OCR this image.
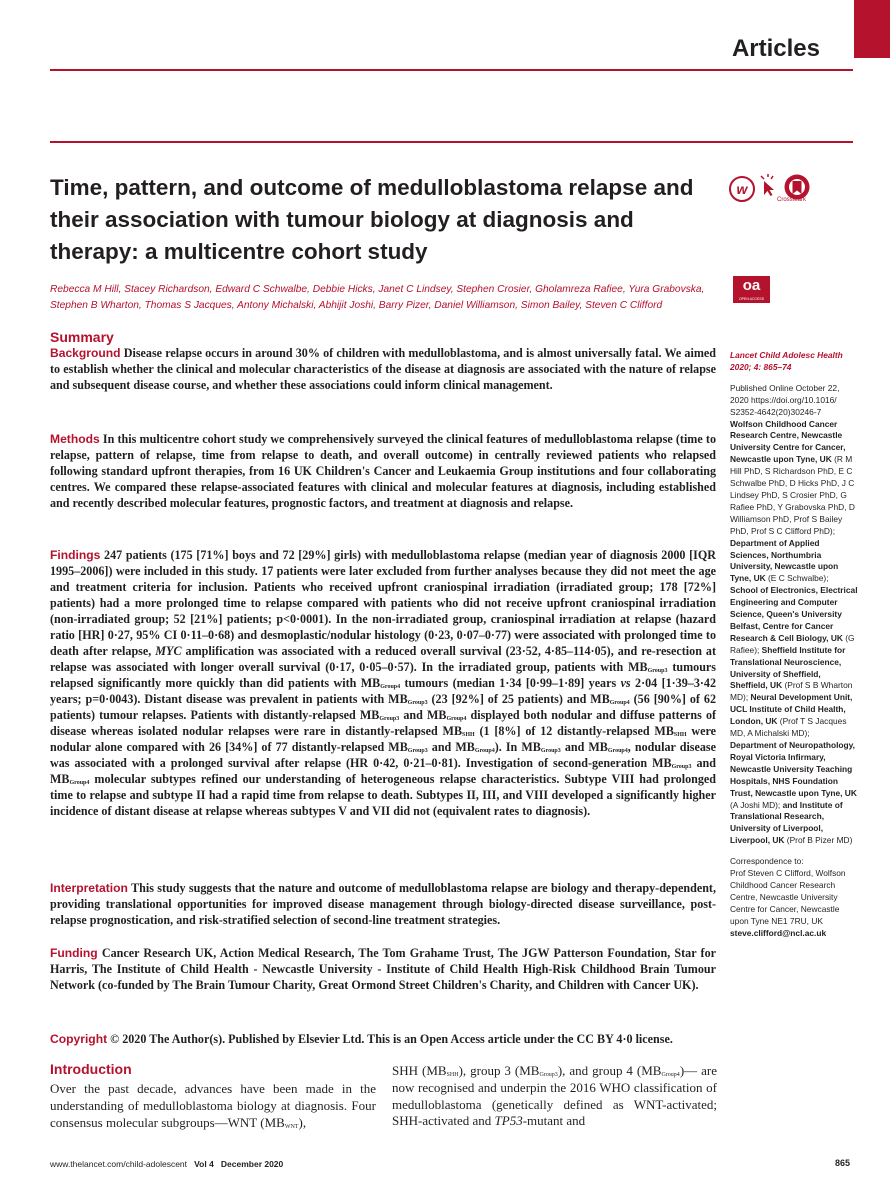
Articles
Time, pattern, and outcome of medulloblastoma relapse and their association with tumour biology at diagnosis and therapy: a multicentre cohort study
w
CrossMark
oa
OPEN ACCESS
Rebecca M Hill, Stacey Richardson, Edward C Schwalbe, Debbie Hicks, Janet C Lindsey, Stephen Crosier, Gholamreza Rafiee, Yura Grabovska, Stephen B Wharton, Thomas S Jacques, Antony Michalski, Abhijit Joshi, Barry Pizer, Daniel Williamson, Simon Bailey, Steven C Clifford
Summary
Background Disease relapse occurs in around 30% of children with medulloblastoma, and is almost universally fatal. We aimed to establish whether the clinical and molecular characteristics of the disease at diagnosis are associated with the nature of relapse and subsequent disease course, and whether these associations could inform clinical management.
Methods In this multicentre cohort study we comprehensively surveyed the clinical features of medulloblastoma relapse (time to relapse, pattern of relapse, time from relapse to death, and overall outcome) in centrally reviewed patients who relapsed following standard upfront therapies, from 16 UK Children's Cancer and Leukaemia Group institutions and four collaborating centres. We compared these relapse-associated features with clinical and molecular features at diagnosis, including established and recently described molecular features, prognostic factors, and treatment at diagnosis and relapse.
Findings 247 patients (175 [71%] boys and 72 [29%] girls) with medulloblastoma relapse (median year of diagnosis 2000 [IQR 1995–2006]) were included in this study. 17 patients were later excluded from further analyses because they did not meet the age and treatment criteria for inclusion. Patients who received upfront craniospinal irradiation (irradiated group; 178 [72%] patients) had a more prolonged time to relapse compared with patients who did not receive upfront craniospinal irradiation (non-irradiated group; 52 [21%] patients; p<0·0001). In the non-irradiated group, craniospinal irradiation at relapse (hazard ratio [HR] 0·27, 95% CI 0·11–0·68) and desmoplastic/nodular histology (0·23, 0·07–0·77) were associated with prolonged time to death after relapse, MYC amplification was associated with a reduced overall survival (23·52, 4·85–114·05), and re-resection at relapse was associated with longer overall survival (0·17, 0·05–0·57). In the irradiated group, patients with $MB_{Group3}$ tumours relapsed significantly more quickly than did patients with $MB_{Group4}$ tumours (median 1·34 [0·99–1·89] years vs 2·04 [1·39–3·42 years; p=0·0043). Distant disease was prevalent in patients with $MB_{Group3}$ (23 [92%] of 25 patients) and $MB_{Group4}$ (56 [90%] of 62 patients) tumour relapses. Patients with distantly-relapsed $MB_{Group3}$ and $MB_{Group4}$ displayed both nodular and diffuse patterns of disease whereas isolated nodular relapses were rare in distantly-relapsed $MB_{SHH}$ (1 [8%] of 12 distantly-relapsed $MB_{SHH}$ were nodular alone compared with 26 [34%] of 77 distantly-relapsed $MB_{Group3}$ and $MB_{Group4}$). In $MB_{Group3}$ and $MB_{Group4}$, nodular disease was associated with a prolonged survival after relapse (HR 0·42, 0·21–0·81). Investigation of second-generation $MB_{Group3}$ and $MB_{Group4}$ molecular subtypes refined our understanding of heterogeneous relapse characteristics. Subtype VIII had prolonged time to relapse and subtype II had a rapid time from relapse to death. Subtypes II, III, and VIII developed a significantly higher incidence of distant disease at relapse whereas subtypes V and VII did not (equivalent rates to diagnosis).
Interpretation This study suggests that the nature and outcome of medulloblastoma relapse are biology and therapy-dependent, providing translational opportunities for improved disease management through biology-directed disease surveillance, post-relapse prognostication, and risk-stratified selection of second-line treatment strategies.
Funding Cancer Research UK, Action Medical Research, The Tom Grahame Trust, The JGW Patterson Foundation, Star for Harris, The Institute of Child Health - Newcastle University - Institute of Child Health High-Risk Childhood Brain Tumour Network (co-funded by The Brain Tumour Charity, Great Ormond Street Children's Charity, and Children with Cancer UK).
Copyright © 2020 The Author(s). Published by Elsevier Ltd. This is an Open Access article under the CC BY 4·0 license.

Lancet Child Adolesc Health 2020; 4: 865–74

Published Online October 22, 2020 https://doi.org/10.1016/ S2352-4642(20)30246-7

Wolfson Childhood Cancer Research Centre, Newcastle University Centre for Cancer, Newcastle upon Tyne, UK (R M Hill PhD, S Richardson PhD, E C Schwalbe PhD, D Hicks PhD, J C Lindsey PhD, S Crosier PhD, G Rafiee PhD, Y Grabovska PhD, D Williamson PhD, Prof S Bailey PhD, Prof S C Clifford PhD); Department of Applied Sciences, Northumbria University, Newcastle upon Tyne, UK (E C Schwalbe); School of Electronics, Electrical Engineering and Computer Science, Queen's University Belfast, Centre for Cancer Research & Cell Biology, UK (G Rafiee); Sheffield Institute for Translational Neuroscience, University of Sheffield, Sheffield, UK (Prof S B Wharton MD); Neural Development Unit, UCL Institute of Child Health, London, UK (Prof T S Jacques MD, A Michalski MD); Department of Neuropathology, Royal Victoria Infirmary, Newcastle University Teaching Hospitals, NHS Foundation Trust, Newcastle upon Tyne, UK (A Joshi MD); and Institute of Translational Research, University of Liverpool, Liverpool, UK (Prof B Pizer MD)

Correspondence to:
Prof Steven C Clifford, Wolfson Childhood Cancer Research Centre, Newcastle University Centre for Cancer, Newcastle upon Tyne NE1 7RU, UK
steve.clifford@ncl.ac.uk

Introduction
Over the past decade, advances have been made in the understanding of medulloblastoma biology at diagnosis. Four consensus molecular subgroups—WNT $(MB_{WNT})$,
SHH $(MB_{SHH})$, group 3 $(MB_{Group3})$, and group 4 $(MB_{Group4})—$ are now recognised and underpin the 2016 WHO classification of medulloblastoma (genetically defined as WNT-activated; SHH-activated and TP53-mutant and
www.thelancet.com/child-adolescent Vol 4 December 2020	865
